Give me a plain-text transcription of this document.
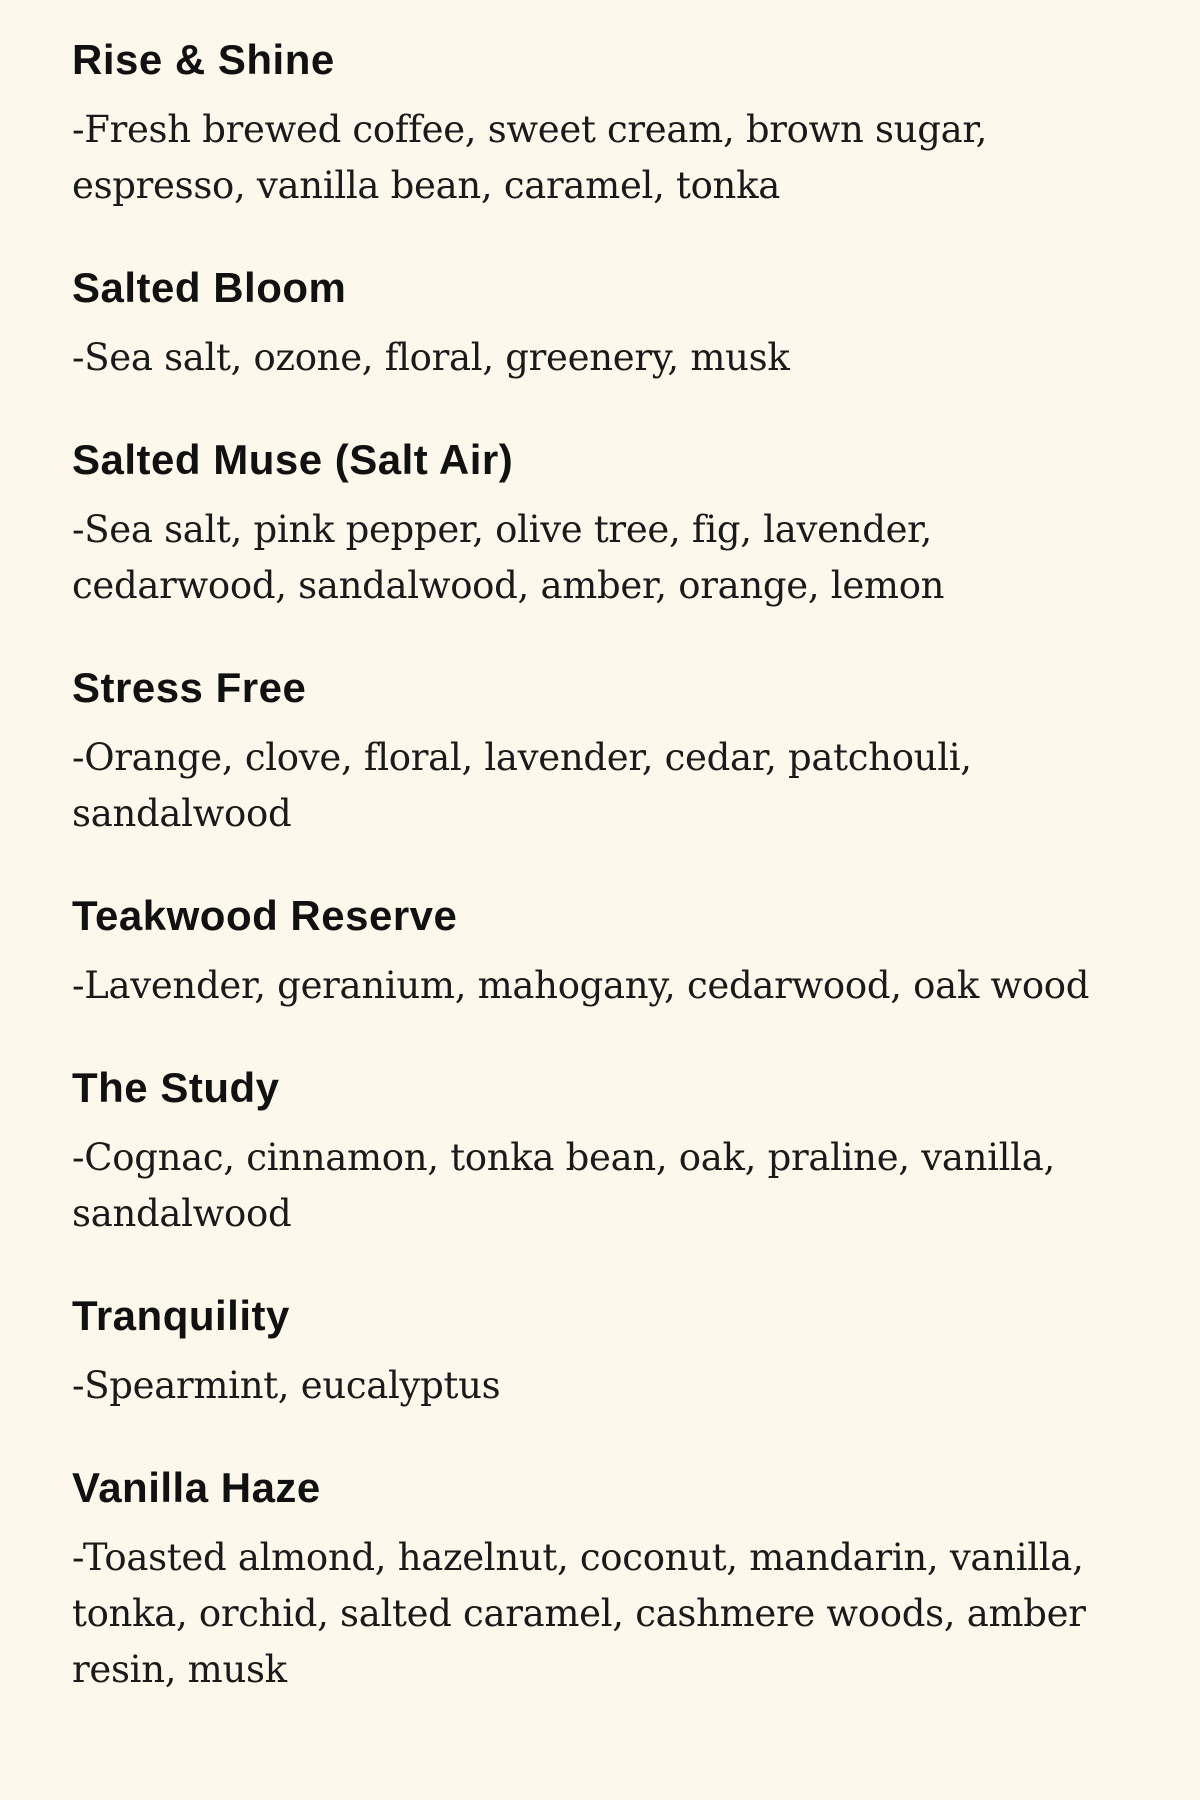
Rise & Shine

-Fresh brewed coffee, sweet cream, brown sugar, espresso, vanilla bean, caramel, tonka

Salted Bloom

-Sea salt, ozone, floral, greenery, musk

Salted Muse (Salt Air)

-Sea salt, pink pepper, olive tree, fig, lavender, cedarwood, sandalwood, amber, orange, lemon

Stress Free

-Orange, clove, floral, lavender, cedar, patchouli, sandalwood

Teakwood Reserve

-Lavender, geranium, mahogany, cedarwood, oak wood

The Study

-Cognac, cinnamon, tonka bean, oak, praline, vanilla, sandalwood

Tranquility

-Spearmint, eucalyptus

Vanilla Haze

-Toasted almond, hazelnut, coconut, mandarin, vanilla, tonka, orchid, salted caramel, cashmere woods, amber resin, musk
